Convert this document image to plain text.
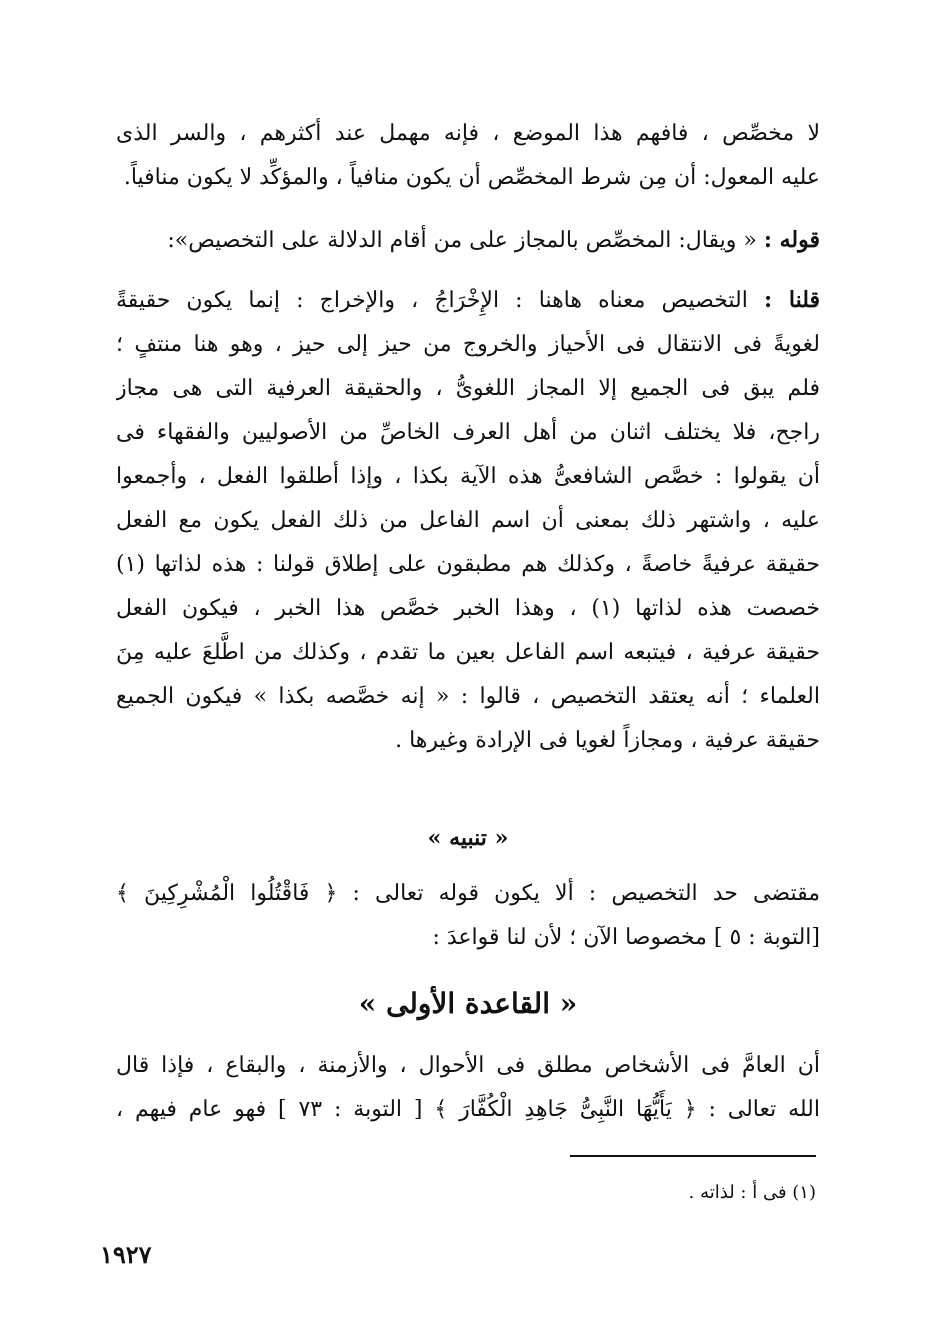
لا مخصِّص ، فافهم هذا الموضع ، فإنه مهمل عند أكثرهم ، والسر الذى
عليه المعول: أن مِن شرط المخصِّص أن يكون منافياً ، والمؤكِّد لا يكون منافياً.
قوله : « ويقال: المخصِّص بالمجاز على من أقام الدلالة على التخصيص»:
قلنا : التخصيص معناه هاهنا : الإِخْرَاجُ ، والإخراج : إنما يكون حقيقةً
لغويةً فى الانتقال فى الأحياز والخروج من حيز إلى حيز ، وهو هنا منتفٍ ؛
فلم يبق فى الجميع إلا المجاز اللغوىُّ ، والحقيقة العرفية التى هى مجاز
راجح، فلا يختلف اثنان من أهل العرف الخاصِّ من الأصوليين والفقهاء فى
أن يقولوا : خصَّص الشافعىُّ هذه الآية بكذا ، وإذا أطلقوا الفعل ، وأجمعوا
عليه ، واشتهر ذلك بمعنى أن اسم الفاعل من ذلك الفعل يكون مع الفعل
حقيقة عرفيةً خاصةً ، وكذلك هم مطبقون على إطلاق قولنا : هذه لذاتها (١)
خصصت هذه لذاتها (١) ، وهذا الخبر خصَّص هذا الخبر ، فيكون الفعل
حقيقة عرفية ، فيتبعه اسم الفاعل بعين ما تقدم ، وكذلك من اطَّلعَ عليه مِنَ
العلماء ؛ أنه يعتقد التخصيص ، قالوا : « إنه خصَّصه بكذا » فيكون الجميع
حقيقة عرفية ، ومجازاً لغويا فى الإرادة وغيرها .
« تنبيه »
مقتضى حد التخصيص : ألا يكون قوله تعالى : ﴿ فَاقْتُلُوا الْمُشْرِكِينَ ﴾
[التوبة : ٥ ] مخصوصا الآن ؛ لأن لنا قواعدَ :
« القاعدة الأولى »
أن العامَّ فى الأشخاص مطلق فى الأحوال ، والأزمنة ، والبقاع ، فإذا قال
الله تعالى : ﴿ يَأَيُّهَا النَّبِىُّ جَاهِدِ الْكُفَّارَ ﴾ [ التوبة : ٧٣ ] فهو عام فيهم ،
(١) فى أ : لذاته .
١٩٢٧
